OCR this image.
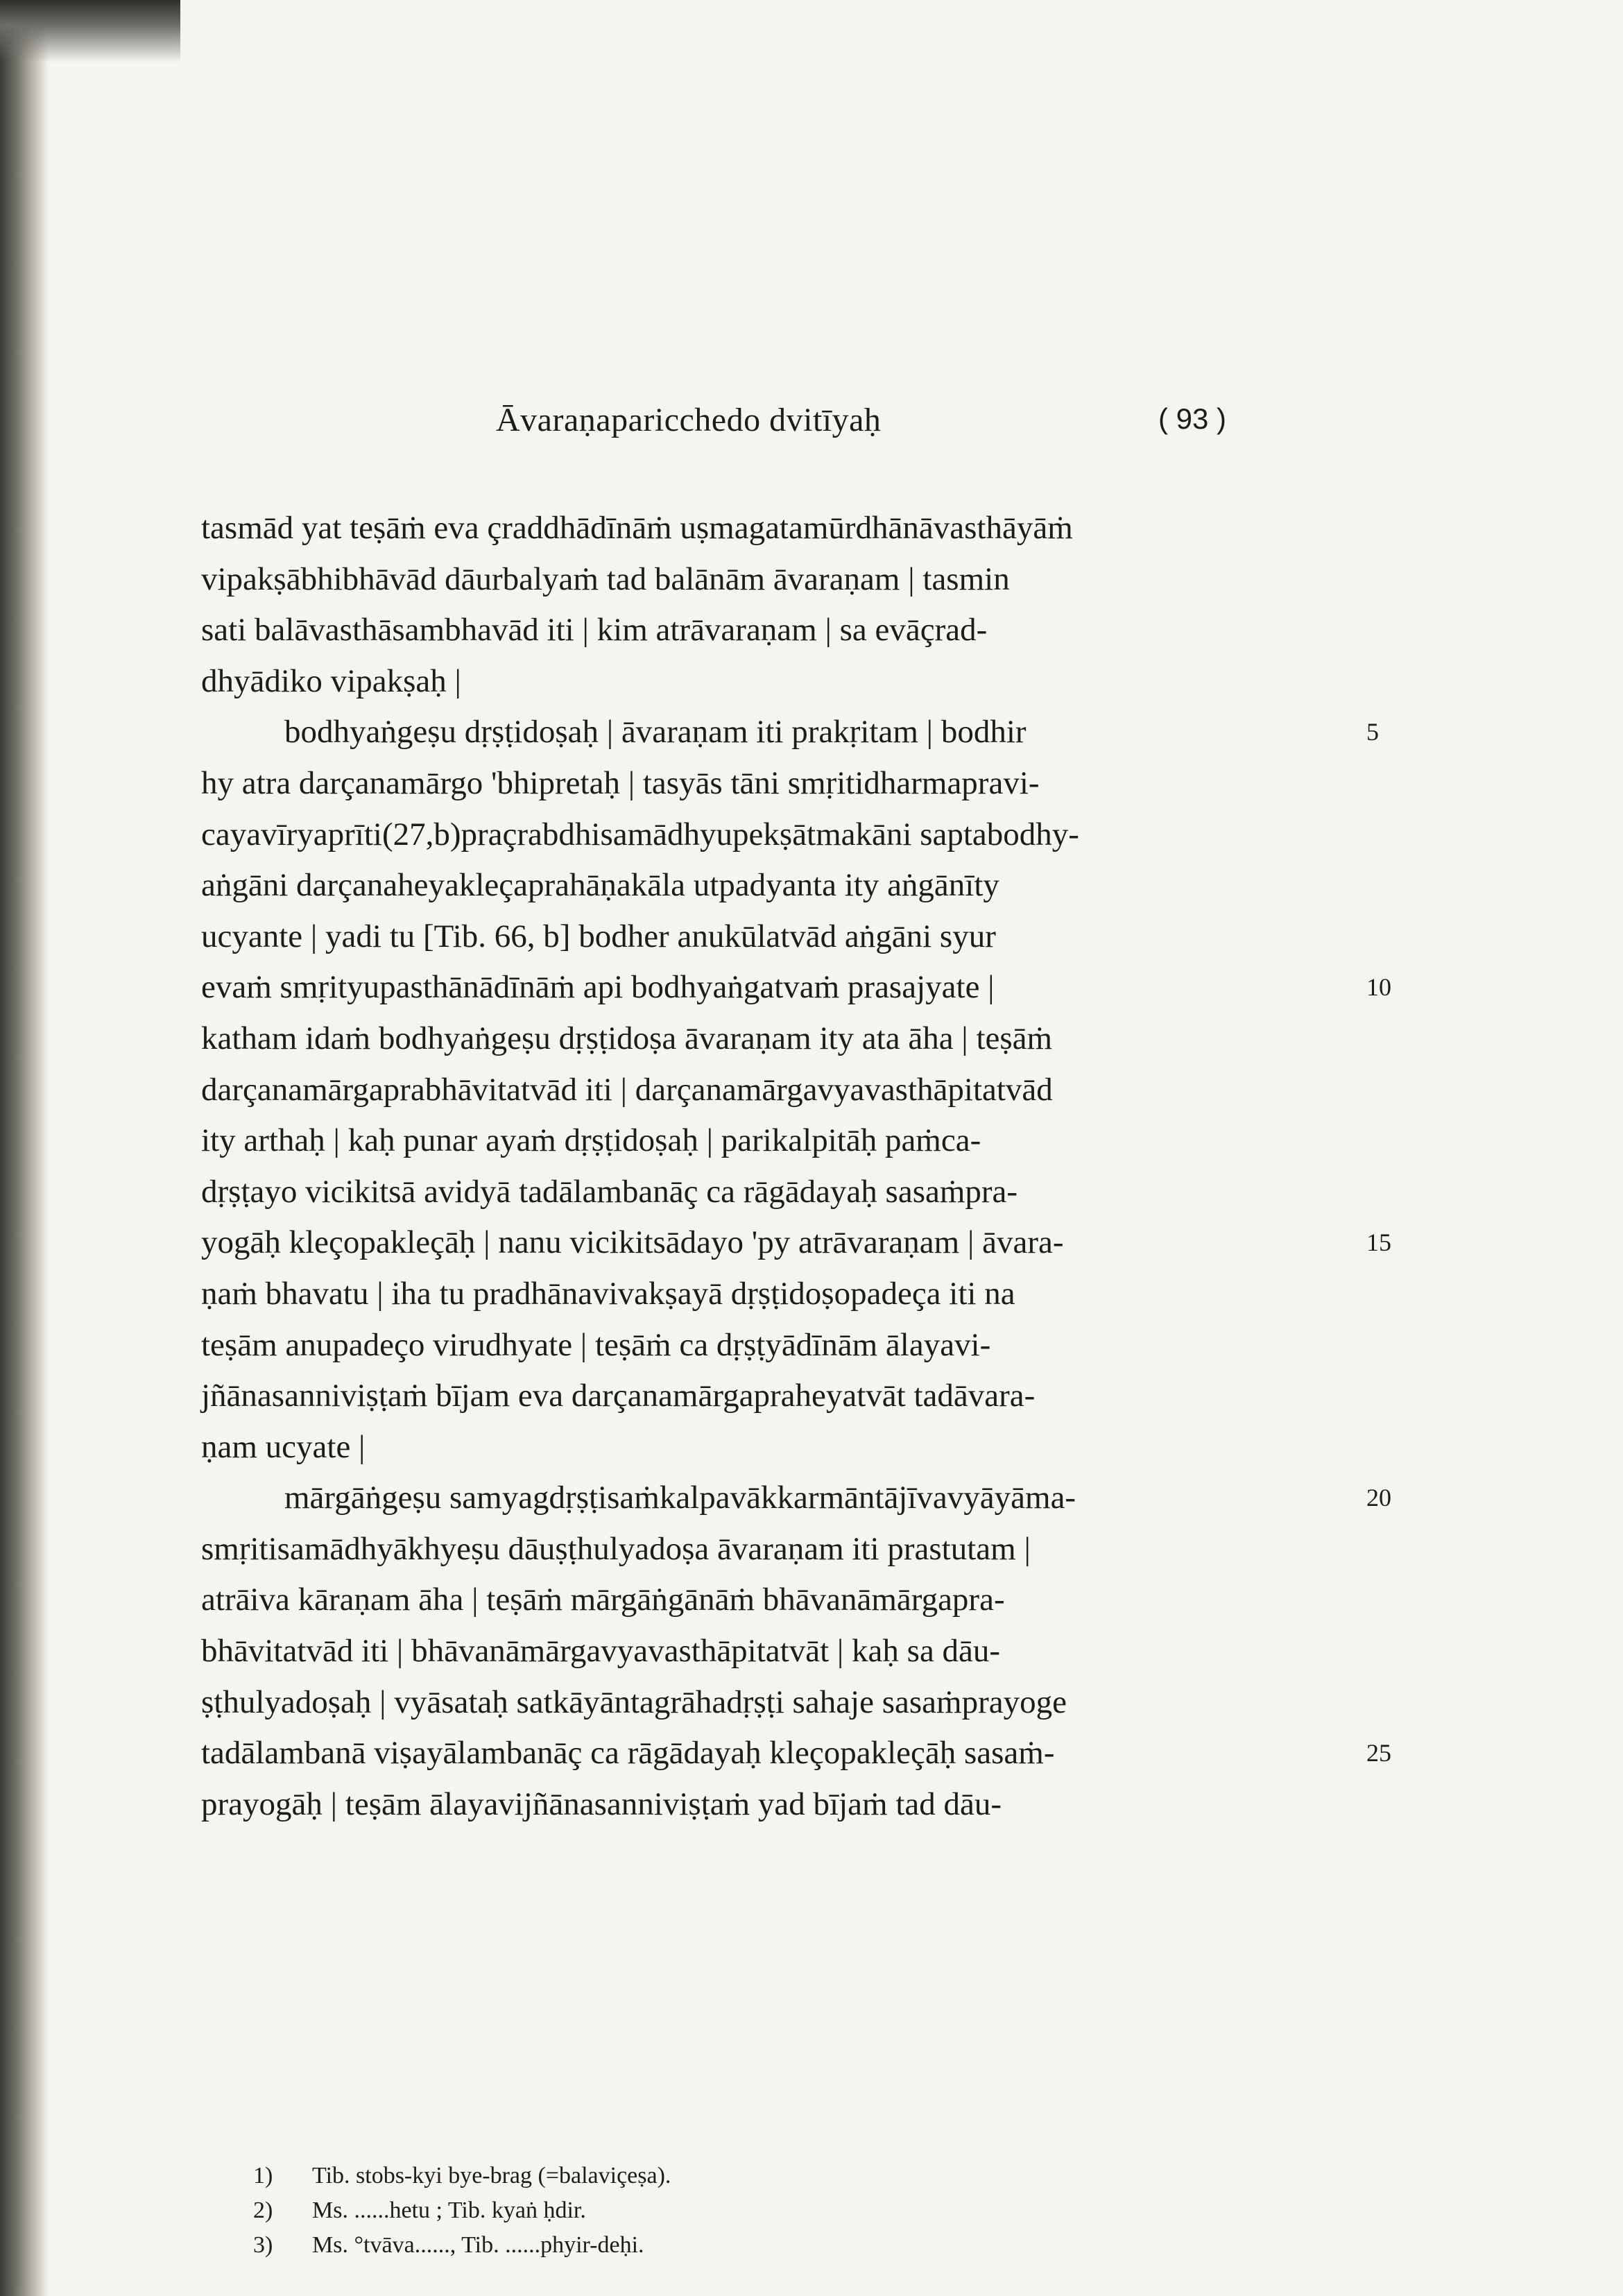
Āvaraṇaparicchedo dvitīyaḥ	( 93 )
tasmād yat teṣāṁ eva çraddhādīnāṁ uṣmagatamūrdhānāvasthāyāṁ
vipakṣābhibhāvād dāurbalyaṁ tad balānām āvaraṇam | tasmin
sati balāvasthāsambhavād iti | kim atrāvaraṇam | sa evāçrad-
dhyādiko vipakṣaḥ |
bodhyaṅgeṣu dṛṣṭidoṣaḥ | āvaraṇam iti prakṛitam | bodhir	5
hy atra darçanamārgo 'bhipretaḥ | tasyās tāni smṛitidharmapravi-
cayavīryaprīti(27,b)praçrabdhisamādhyupekṣātmakāni saptabodhy-
aṅgāni darçanaheyakleçaprahāṇakāla utpadyanta ity aṅgānīty
ucyante | yadi tu [Tib. 66, b] bodher anukūlatvād aṅgāni syur
evaṁ smṛityupasthānādīnāṁ api bodhyaṅgatvaṁ prasajyate |	10
katham idaṁ bodhyaṅgeṣu dṛṣṭidoṣa āvaraṇam ity ata āha | teṣāṁ
darçanamārgaprabhāvitatvād iti | darçanamārgavyavasthāpitatvād
ity arthaḥ | kaḥ punar ayaṁ dṛṣṭidoṣaḥ | parikalpitāḥ paṁca-
dṛṣṭayo vicikitsā avidyā tadālambanāç ca rāgādayaḥ sasaṁpra-
yogāḥ kleçopakleçāḥ | nanu vicikitsādayo 'py atrāvaraṇam | āvara-	15
ṇaṁ bhavatu | iha tu pradhānavivakṣayā dṛṣṭidoṣopadeça iti na
teṣām anupadeço virudhyate | teṣāṁ ca dṛṣṭyādīnām ālayavi-
jñānasanniviṣṭaṁ bījam eva darçanamārgapraheyatvāt tadāvara-
ṇam ucyate |
mārgāṅgeṣu samyagdṛṣṭisaṁkalpavākkarmāntājīvavyāyāma-	20
smṛitisamādhyākhyeṣu dāuṣṭhulyadoṣa āvaraṇam iti prastutam |
atrāiva kāraṇam āha | teṣāṁ mārgāṅgānāṁ bhāvanāmārgapra-
bhāvitatvād iti | bhāvanāmārgavyavasthāpitatvāt | kaḥ sa dāu-
ṣṭhulyadoṣaḥ | vyāsataḥ satkāyāntagrāhadṛṣṭi sahaje sasaṁprayoge
tadālambanā viṣayālambanāç ca rāgādayaḥ kleçopakleçāḥ sasaṁ-	25
prayogāḥ | teṣām ālayavijñānasanniviṣṭaṁ yad bījaṁ tad dāu-
1) Tib. stobs-kyi bye-brag (=balaviçeṣa).
2) Ms. ......hetu ; Tib. kyaṅ ḥdir.
3) Ms. °tvāva......, Tib. ......phyir-deḥi.
